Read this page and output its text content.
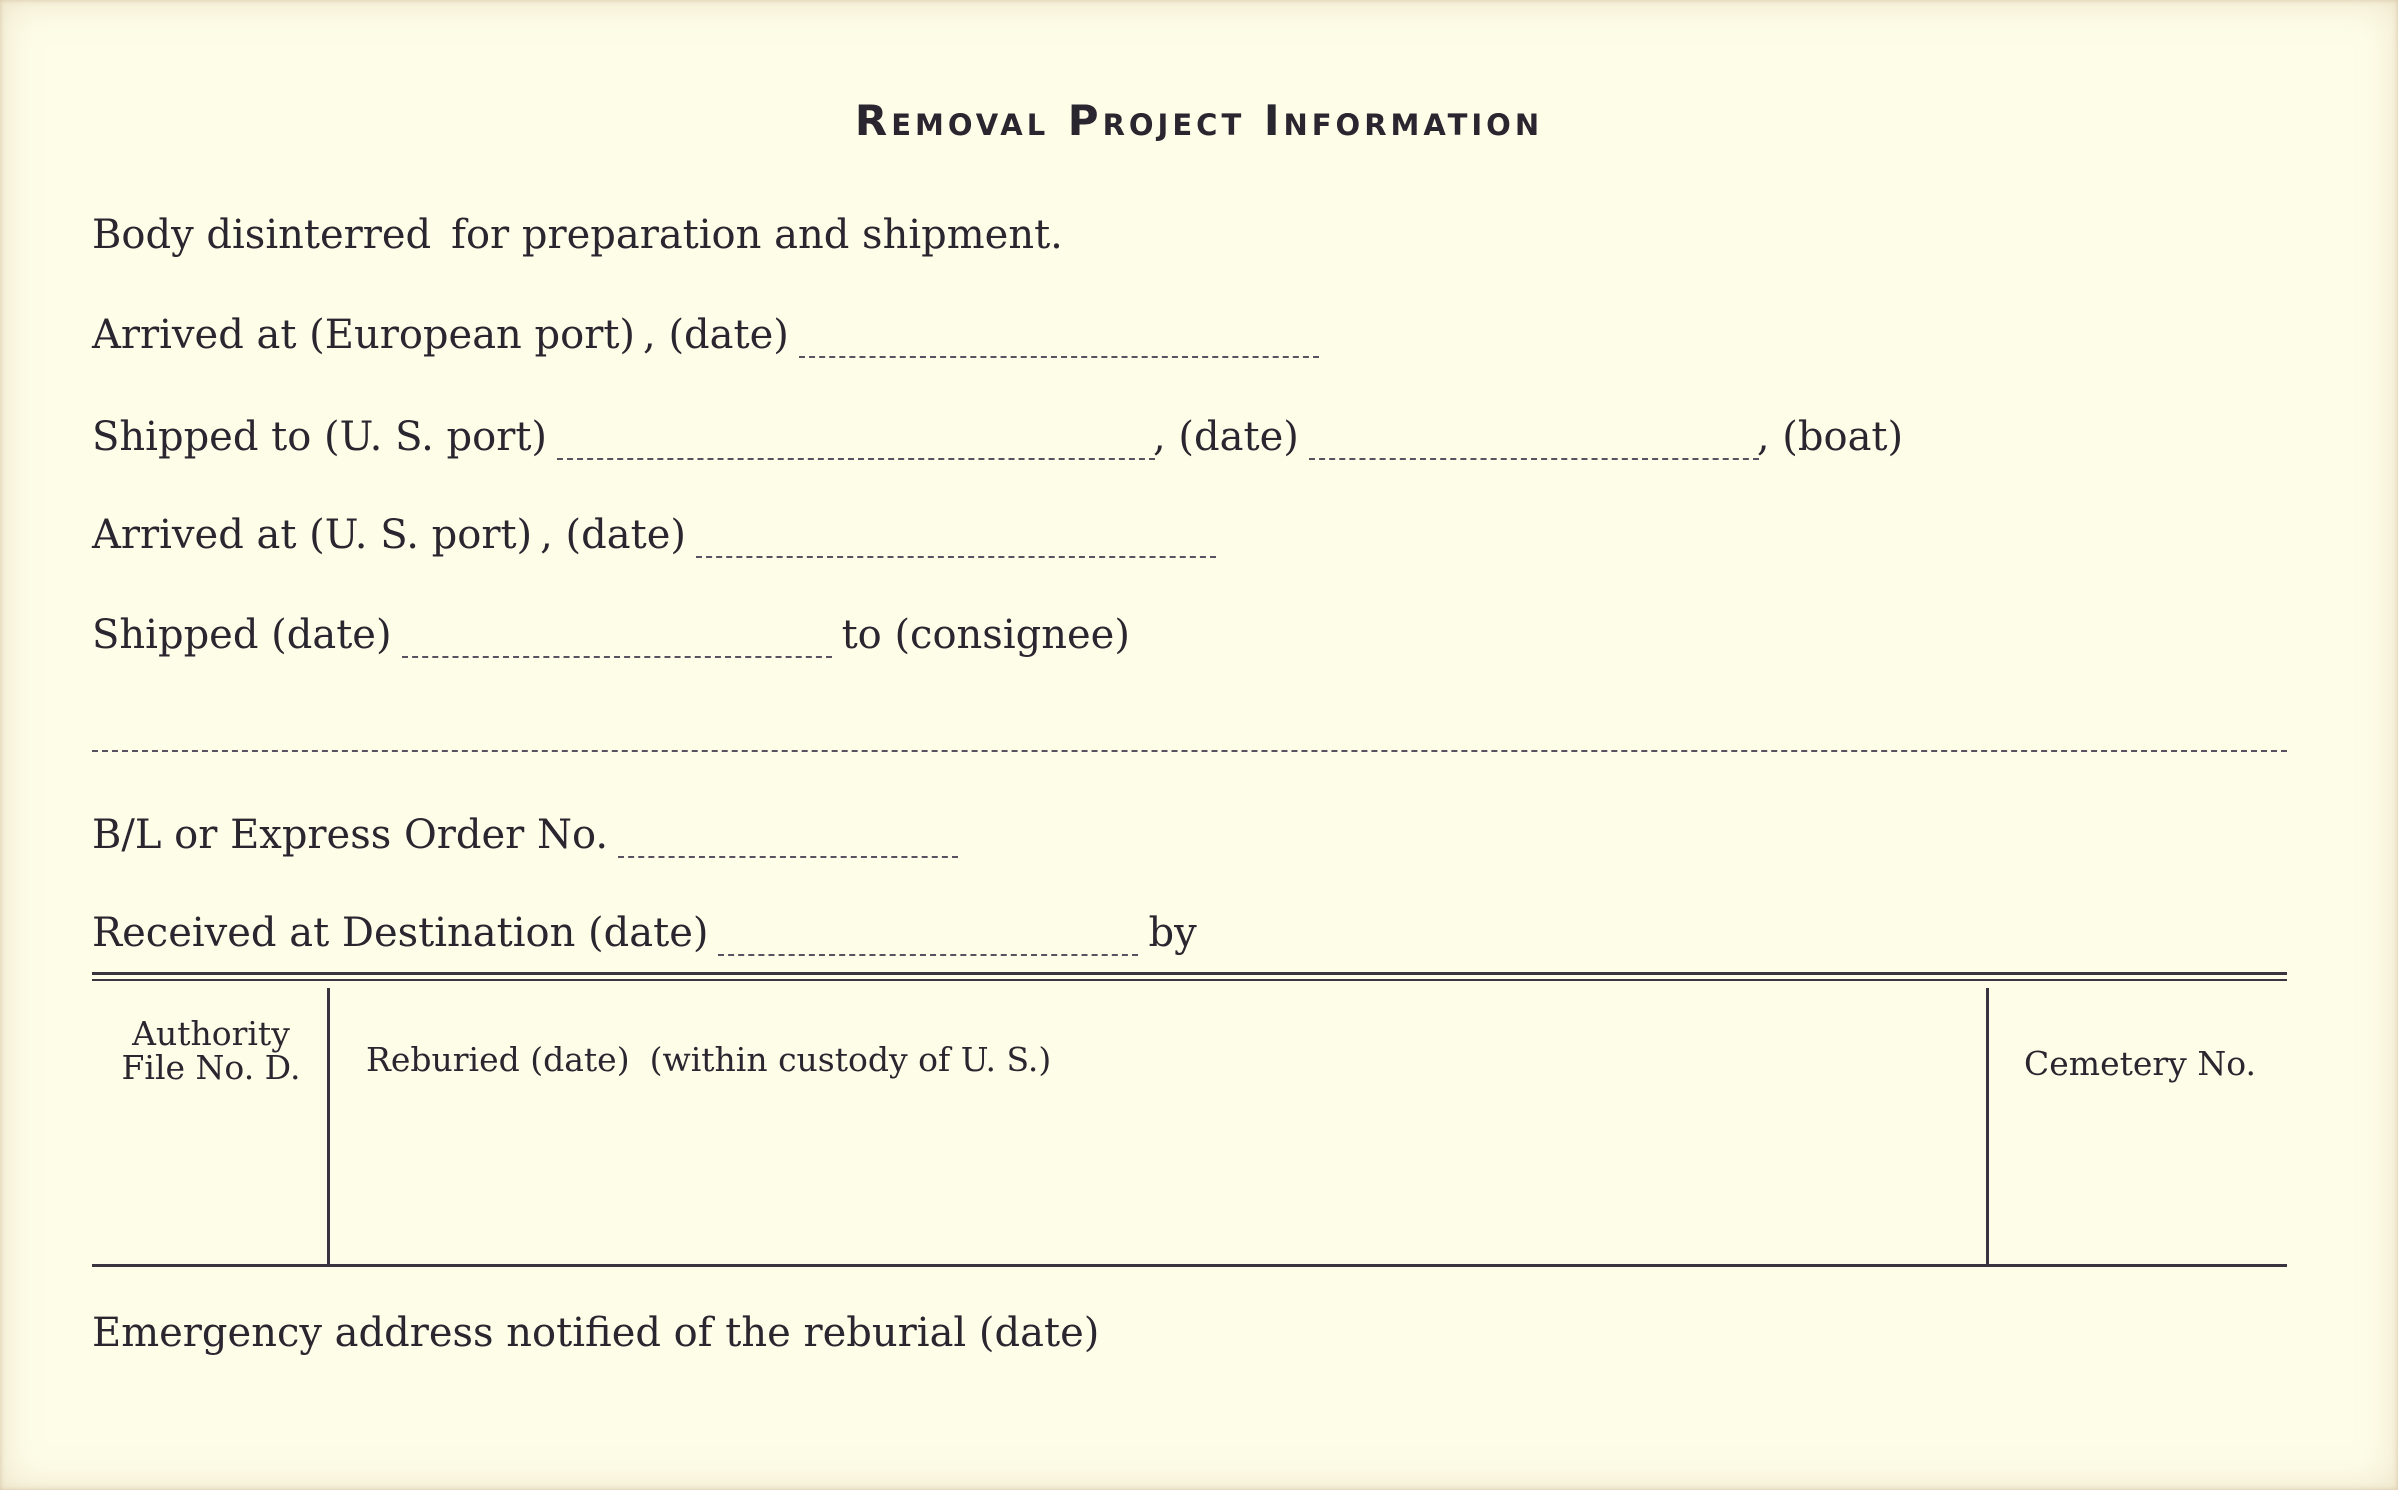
Removal Project Information
Body disinterred for preparation and shipment.
Arrived at (European port) , (date)
Shipped to (U. S. port)	, (date)	, (boat)
Arrived at (U. S. port) , (date)
Shipped (date)	to (consignee)
B/L or Express Order No.
Received at Destination (date)	by
Authority
File No. D.	Reburied (date) (within custody of U. S.)	Cemetery No.
Emergency address notified of the reburial (date)
